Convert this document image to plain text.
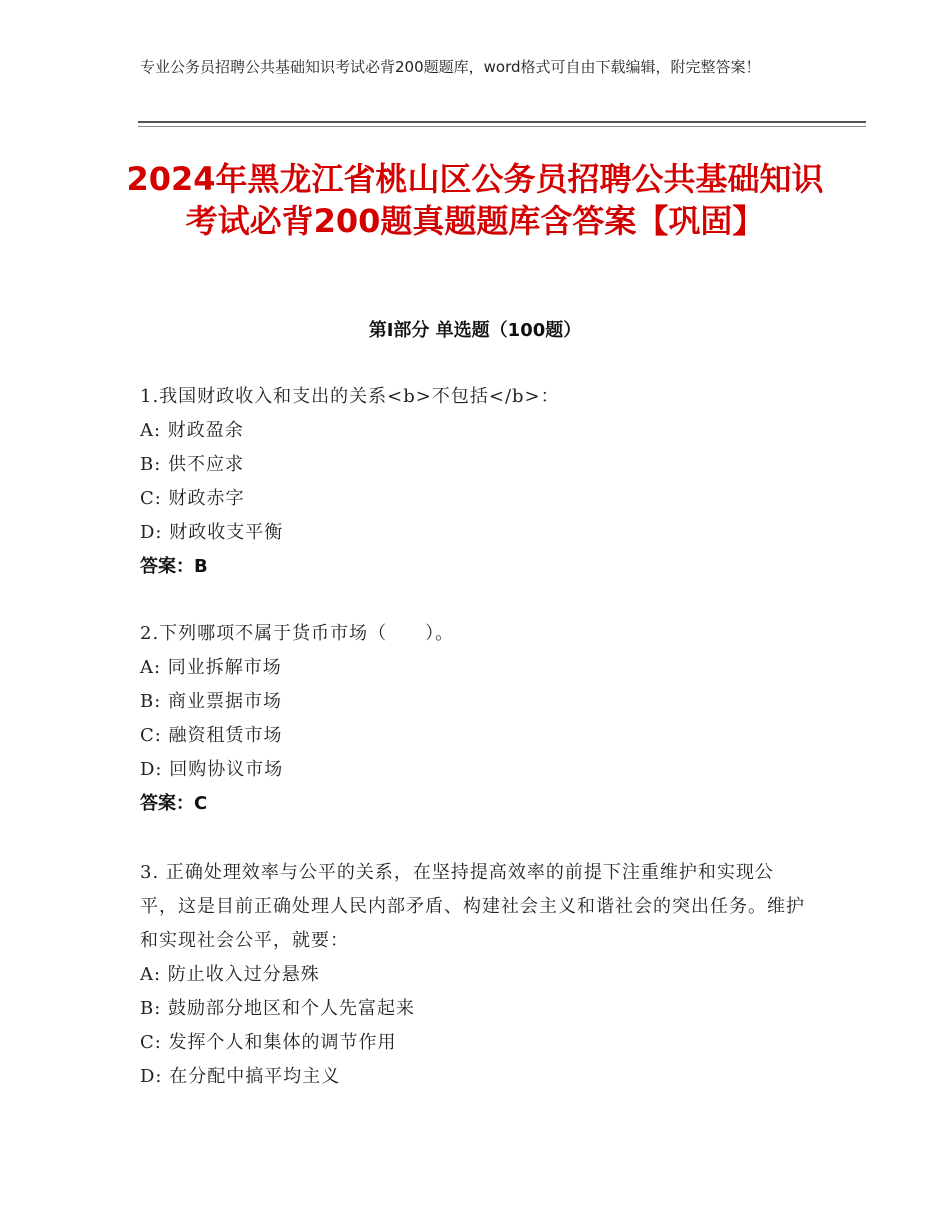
专业公务员招聘公共基础知识考试必背200题题库，word格式可自由下载编辑，附完整答案！
2024年黑龙江省桃山区公务员招聘公共基础知识考试必背200题真题题库含答案【巩固】
第Ⅰ部分 单选题（100题）
1.我国财政收入和支出的关系<b>不包括</b>：
A: 财政盈余
B: 供不应求
C: 财政赤字
D: 财政收支平衡
答案：B
2.下列哪项不属于货币市场（　　）。
A: 同业拆解市场
B: 商业票据市场
C: 融资租赁市场
D: 回购协议市场
答案：C
3. 正确处理效率与公平的关系，在坚持提高效率的前提下注重维护和实现公平，这是目前正确处理人民内部矛盾、构建社会主义和谐社会的突出任务。维护和实现社会公平，就要：
A: 防止收入过分悬殊
B: 鼓励部分地区和个人先富起来
C: 发挥个人和集体的调节作用
D: 在分配中搞平均主义
